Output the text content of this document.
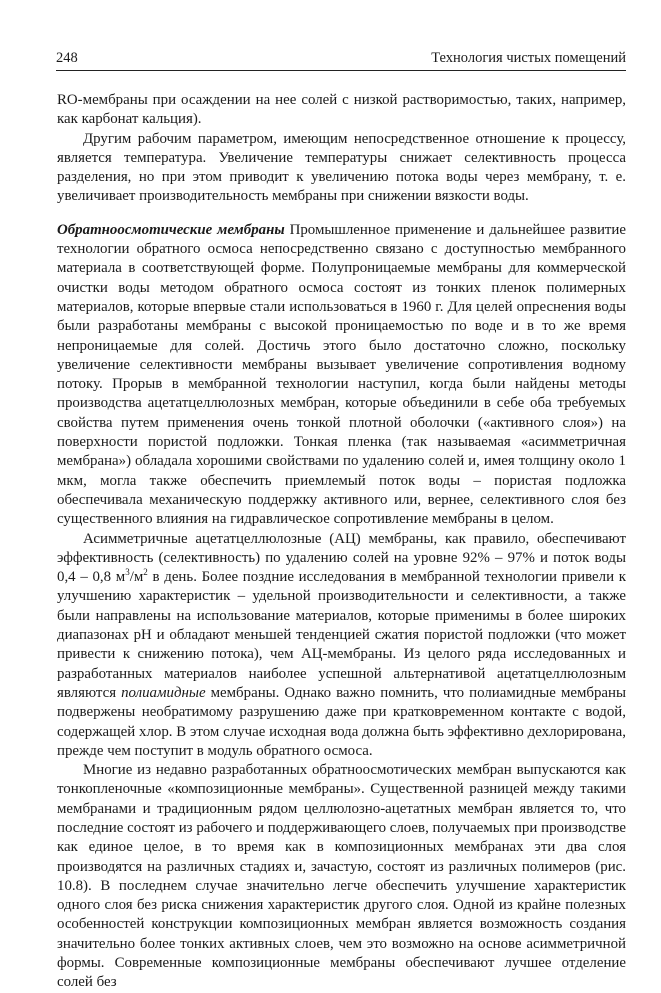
248	Технология чистых помещений

RO-мембраны при осаждении на нее солей с низкой растворимостью, таких, например, как карбонат кальция).

Другим рабочим параметром, имеющим непосредственное отношение к процессу, является температура. Увеличение температуры снижает селективность процесса разделения, но при этом приводит к увеличению потока воды через мембрану, т. е. увеличивает производительность мембраны при снижении вязкости воды.

Обратноосмотические мембраны Промышленное применение и дальнейшее развитие технологии обратного осмоса непосредственно связано с доступностью мембранного материала в соответствующей форме. Полупроницаемые мембраны для коммерческой очистки воды методом обратного осмоса состоят из тонких пленок полимерных материалов, которые впервые стали использоваться в 1960 г. Для целей опреснения воды были разработаны мембраны с высокой проницаемостью по воде и в то же время непроницаемые для солей. Достичь этого было достаточно сложно, поскольку увеличение селективности мембраны вызывает увеличение сопротивления водному потоку. Прорыв в мембранной технологии наступил, когда были найдены методы производства ацетатцеллюлозных мембран, которые объединили в себе оба требуемых свойства путем применения очень тонкой плотной оболочки («активного слоя») на поверхности пористой подложки. Тонкая пленка (так называемая «асимметричная мембрана») обладала хорошими свойствами по удалению солей и, имея толщину около 1 мкм, могла также обеспечить приемлемый поток воды – пористая подложка обеспечивала механическую поддержку активного или, вернее, селективного слоя без существенного влияния на гидравлическое сопротивление мембраны в целом.

Асимметричные ацетатцеллюлозные (АЦ) мембраны, как правило, обеспечивают эффективность (селективность) по удалению солей на уровне 92% – 97% и поток воды 0,4 – 0,8 $м^3/м^2$ в день. Более поздние исследования в мембранной технологии привели к улучшению характеристик – удельной производительности и селективности, а также были направлены на использование материалов, которые применимы в более широких диапазонах pH и обладают меньшей тенденцией сжатия пористой подложки (что может привести к снижению потока), чем АЦ-мембраны. Из целого ряда исследованных и разработанных материалов наиболее успешной альтернативой ацетатцеллюлозным являются полиамидные мембраны. Однако важно помнить, что полиамидные мембраны подвержены необратимому разрушению даже при кратковременном контакте с водой, содержащей хлор. В этом случае исходная вода должна быть эффективно дехлорирована, прежде чем поступит в модуль обратного осмоса.

Многие из недавно разработанных обратноосмотических мембран выпускаются как тонкопленочные «композиционные мембраны». Существенной разницей между такими мембранами и традиционным рядом целлюлозно-ацетатных мембран является то, что последние состоят из рабочего и поддерживающего слоев, получаемых при производстве как единое целое, в то время как в композиционных мембранах эти два слоя производятся на различных стадиях и, зачастую, состоят из различных полимеров (рис. 10.8). В последнем случае значительно легче обеспечить улучшение характеристик одного слоя без риска снижения характеристик другого слоя. Одной из крайне полезных особенностей конструкции композиционных мембран является возможность создания значительно более тонких активных слоев, чем это возможно на основе асимметричной формы. Современные композиционные мембраны обеспечивают лучшее отделение солей без
